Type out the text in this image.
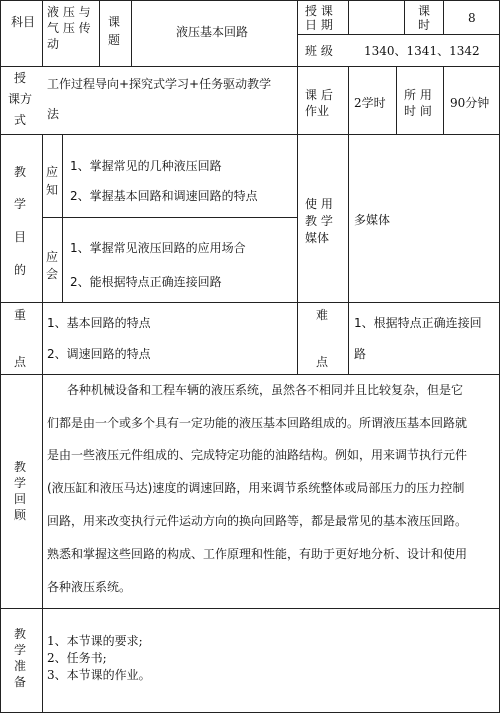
科目
液 压 与
气 压 传
动
课
题
液压基本回路
授 课
日 期
课
时	8
班 级	1340、1341、1342
授
课方
式
工作过程导向+探究式学习+任务驱动教学
法
课 后
作业
2学时
所 用
时 间
90分钟
教
学
目
的
应
知
1、掌握常见的几种液压回路
2、掌握基本回路和调速回路的特点
应
会
1、掌握常见液压回路的应用场合
2、能根据特点正确连接回路
使 用
教 学
媒体
多媒体
重
点
1、基本回路的特点
2、调速回路的特点
难
点
1、根据特点正确连接回
路
教
学
回
顾
各种机械设备和工程车辆的液压系统，虽然各不相同并且比较复杂，但是它
们都是由一个或多个具有一定功能的液压基本回路组成的。所谓液压基本回路就
是由一些液压元件组成的、完成特定功能的油路结构。例如，用来调节执行元件
(液压缸和液压马达)速度的调速回路，用来调节系统整体或局部压力的压力控制
回路，用来改变执行元件运动方向的换向回路等，都是最常见的基本液压回路。
熟悉和掌握这些回路的构成、工作原理和性能，有助于更好地分析、设计和使用
各种液压系统。
教
学
准
备
1、本节课的要求;
2、任务书;
3、本节课的作业。
